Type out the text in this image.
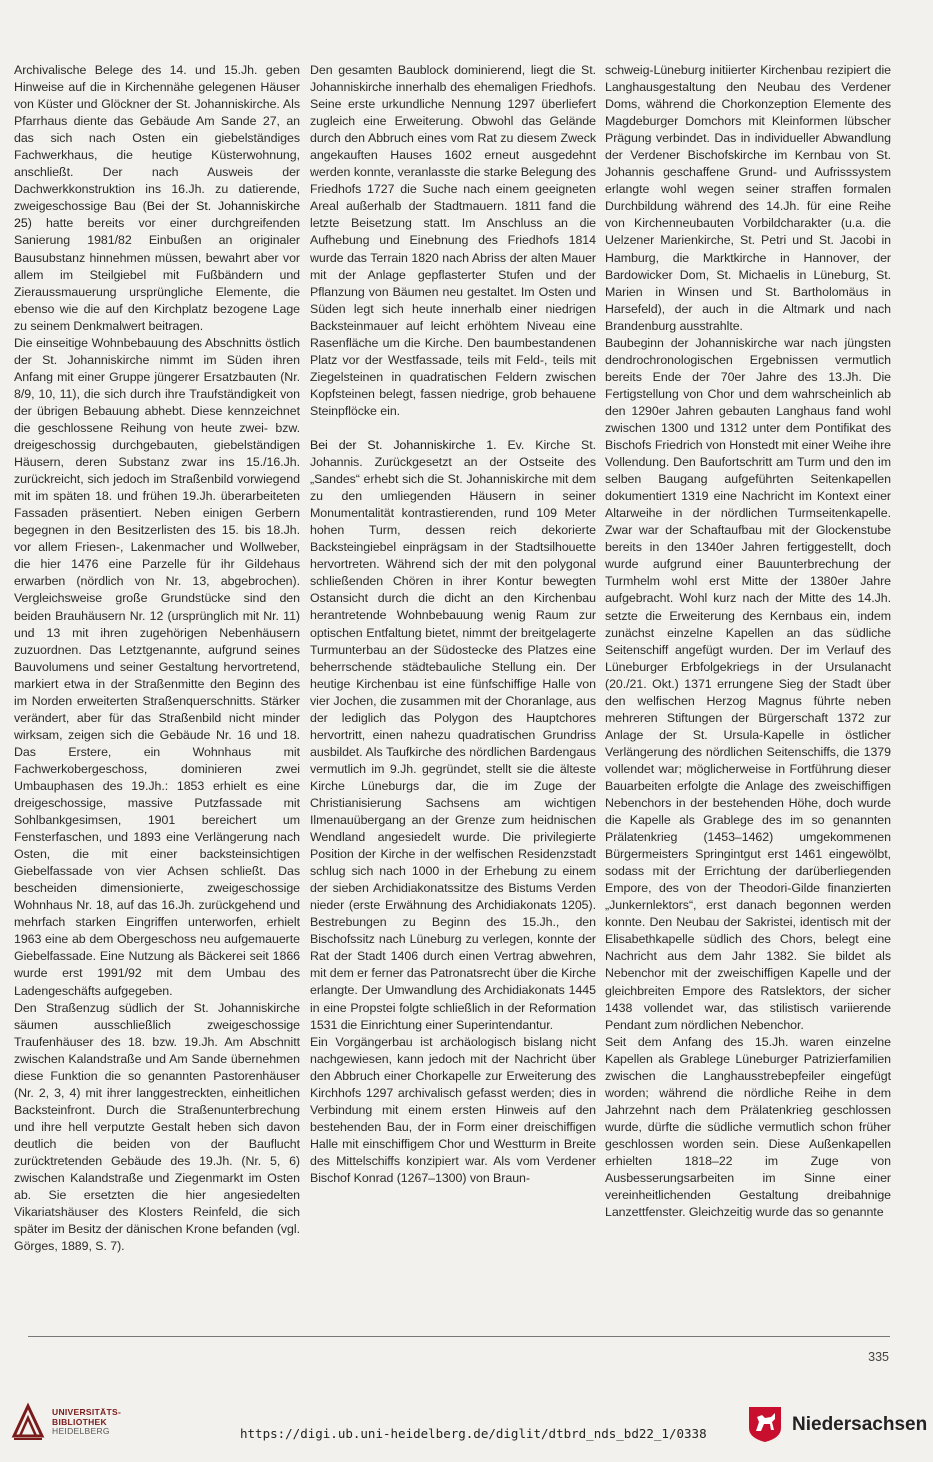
Archivalische Belege des 14. und 15.Jh. geben Hinweise auf die in Kirchennähe gelegenen Häuser von Küster und Glöckner der St. Johanniskirche. Als Pfarrhaus diente das Gebäude Am Sande 27, an das sich nach Osten ein giebelständiges Fachwerkhaus, die heutige Küsterwohnung, anschließt. Der nach Ausweis der Dachwerkkonstruktion ins 16.Jh. zu datierende, zweigeschossige Bau (Bei der St. Johanniskirche 25) hatte bereits vor einer durchgreifenden Sanierung 1981/82 Einbußen an originaler Bausubstanz hinnehmen müssen, bewahrt aber vor allem im Steilgiebel mit Fußbändern und Zieraussmauerung ursprüngliche Elemente, die ebenso wie die auf den Kirchplatz bezogene Lage zu seinem Denkmalwert beitragen.

Die einseitige Wohnbebauung des Abschnitts östlich der St. Johanniskirche nimmt im Süden ihren Anfang mit einer Gruppe jüngerer Ersatzbauten (Nr. 8/9, 10, 11), die sich durch ihre Traufständigkeit von der übrigen Bebauung abhebt. Diese kennzeichnet die geschlossene Reihung von heute zwei- bzw. dreigeschossig durchgebauten, giebelständigen Häusern, deren Substanz zwar ins 15./16.Jh. zurückreicht, sich jedoch im Straßenbild vorwiegend mit im späten 18. und frühen 19.Jh. überarbeiteten Fassaden präsentiert. Neben einigen Gerbern begegnen in den Besitzerlisten des 15. bis 18.Jh. vor allem Friesen-, Lakenmacher und Wollweber, die hier 1476 eine Parzelle für ihr Gildehaus erwarben (nördlich von Nr. 13, abgebrochen). Vergleichsweise große Grundstücke sind den beiden Brauhäusern Nr. 12 (ursprünglich mit Nr. 11) und 13 mit ihren zugehörigen Nebenhäusern zuzuordnen. Das Letztgenannte, aufgrund seines Bauvolumens und seiner Gestaltung hervortretend, markiert etwa in der Straßenmitte den Beginn des im Norden erweiterten Straßenquerschnitts. Stärker verändert, aber für das Straßenbild nicht minder wirksam, zeigen sich die Gebäude Nr. 16 und 18. Das Erstere, ein Wohnhaus mit Fachwerkobergeschoss, dominieren zwei Umbauphasen des 19.Jh.: 1853 erhielt es eine dreigeschossige, massive Putzfassade mit Sohlbankgesimsen, 1901 bereichert um Fensterfaschen, und 1893 eine Verlängerung nach Osten, die mit einer backsteinsichtigen Giebelfassade von vier Achsen schließt. Das bescheiden dimensionierte, zweigeschossige Wohnhaus Nr. 18, auf das 16.Jh. zurückgehend und mehrfach starken Eingriffen unterworfen, erhielt 1963 eine ab dem Obergeschoss neu aufgemauerte Giebelfassade. Eine Nutzung als Bäckerei seit 1866 wurde erst 1991/92 mit dem Umbau des Ladengeschäfts aufgegeben.

Den Straßenzug südlich der St. Johanniskirche säumen ausschließlich zweigeschossige Traufenhäuser des 18. bzw. 19.Jh. Am Abschnitt zwischen Kalandstraße und Am Sande übernehmen diese Funktion die so genannten Pastorenhäuser (Nr. 2, 3, 4) mit ihrer langgestreckten, einheitlichen Backsteinfront. Durch die Straßenunterbrechung und ihre hell verputzte Gestalt heben sich davon deutlich die beiden von der Bauflucht zurücktretenden Gebäude des 19.Jh. (Nr. 5, 6) zwischen Kalandstraße und Ziegenmarkt im Osten ab. Sie ersetzten die hier angesiedelten Vikariatshäuser des Klosters Reinfeld, die sich später im Besitz der dänischen Krone befanden (vgl. Görges, 1889, S. 7).

Den gesamten Baublock dominierend, liegt die St. Johanniskirche innerhalb des ehemaligen Friedhofs. Seine erste urkundliche Nennung 1297 überliefert zugleich eine Erweiterung. Obwohl das Gelände durch den Abbruch eines vom Rat zu diesem Zweck angekauften Hauses 1602 erneut ausgedehnt werden konnte, veranlasste die starke Belegung des Friedhofs 1727 die Suche nach einem geeigneten Areal außerhalb der Stadtmauern. 1811 fand die letzte Beisetzung statt. Im Anschluss an die Aufhebung und Einebnung des Friedhofs 1814 wurde das Terrain 1820 nach Abriss der alten Mauer mit der Anlage gepflasterter Stufen und der Pflanzung von Bäumen neu gestaltet. Im Osten und Süden legt sich heute innerhalb einer niedrigen Backsteinmauer auf leicht erhöhtem Niveau eine Rasenfläche um die Kirche. Den baumbestandenen Platz vor der Westfassade, teils mit Feld-, teils mit Ziegelsteinen in quadratischen Feldern zwischen Kopfsteinen belegt, fassen niedrige, grob behauene Steinpflöcke ein.

Bei der St. Johanniskirche 1. Ev. Kirche St. Johannis. Zurückgesetzt an der Ostseite des „Sandes“ erhebt sich die St. Johanniskirche mit dem zu den umliegenden Häusern in seiner Monumentalität kontrastierenden, rund 109 Meter hohen Turm, dessen reich dekorierte Backsteingiebel einprägsam in der Stadtsilhouette hervortreten. Während sich der mit den polygonal schließenden Chören in ihrer Kontur bewegten Ostansicht durch die dicht an den Kirchenbau herantretende Wohnbebauung wenig Raum zur optischen Entfaltung bietet, nimmt der breitgelagerte Turmunterbau an der Südostecke des Platzes eine beherrschende städtebauliche Stellung ein. Der heutige Kirchenbau ist eine fünfschiffige Halle von vier Jochen, die zusammen mit der Choranlage, aus der lediglich das Polygon des Hauptchores hervortritt, einen nahezu quadratischen Grundriss ausbildet. Als Taufkirche des nördlichen Bardengaus vermutlich im 9.Jh. gegründet, stellt sie die älteste Kirche Lüneburgs dar, die im Zuge der Christianisierung Sachsens am wichtigen Ilmenauübergang an der Grenze zum heidnischen Wendland angesiedelt wurde. Die privilegierte Position der Kirche in der welfischen Residenzstadt schlug sich nach 1000 in der Erhebung zu einem der sieben Archidiakonatssitze des Bistums Verden nieder (erste Erwähnung des Archidiakonats 1205). Bestrebungen zu Beginn des 15.Jh., den Bischofssitz nach Lüneburg zu verlegen, konnte der Rat der Stadt 1406 durch einen Vertrag abwehren, mit dem er ferner das Patronatsrecht über die Kirche erlangte. Der Umwandlung des Archidiakonats 1445 in eine Propstei folgte schließlich in der Reformation 1531 die Einrichtung einer Superintendantur.

Ein Vorgängerbau ist archäologisch bislang nicht nachgewiesen, kann jedoch mit der Nachricht über den Abbruch einer Chorkapelle zur Erweiterung des Kirchhofs 1297 archivalisch gefasst werden; dies in Verbindung mit einem ersten Hinweis auf den bestehenden Bau, der in Form einer dreischiffigen Halle mit einschiffigem Chor und Westturm in Breite des Mittelschiffs konzipiert war. Als vom Verdener Bischof Konrad (1267–1300) von Braun-

schweig-Lüneburg initiierter Kirchenbau rezipiert die Langhausgestaltung den Neubau des Verdener Doms, während die Chorkonzeption Elemente des Magdeburger Domchors mit Kleinformen lübscher Prägung verbindet. Das in individueller Abwandlung der Verdener Bischofskirche im Kernbau von St. Johannis geschaffene Grund- und Aufrisssystem erlangte wohl wegen seiner straffen formalen Durchbildung während des 14.Jh. für eine Reihe von Kirchenneubauten Vorbildcharakter (u.a. die Uelzener Marienkirche, St. Petri und St. Jacobi in Hamburg, die Marktkirche in Hannover, der Bardowicker Dom, St. Michaelis in Lüneburg, St. Marien in Winsen und St. Bartholomäus in Harsefeld), der auch in die Altmark und nach Brandenburg ausstrahlte.

Baubeginn der Johanniskirche war nach jüngsten dendrochronologischen Ergebnissen vermutlich bereits Ende der 70er Jahre des 13.Jh. Die Fertigstellung von Chor und dem wahrscheinlich ab den 1290er Jahren gebauten Langhaus fand wohl zwischen 1300 und 1312 unter dem Pontifikat des Bischofs Friedrich von Honstedt mit einer Weihe ihre Vollendung. Den Baufortschritt am Turm und den im selben Baugang aufgeführten Seitenkapellen dokumentiert 1319 eine Nachricht im Kontext einer Altarweihe in der nördlichen Turmseitenkapelle. Zwar war der Schaftaufbau mit der Glockenstube bereits in den 1340er Jahren fertiggestellt, doch wurde aufgrund einer Bauunterbrechung der Turmhelm wohl erst Mitte der 1380er Jahre aufgebracht. Wohl kurz nach der Mitte des 14.Jh. setzte die Erweiterung des Kernbaus ein, indem zunächst einzelne Kapellen an das südliche Seitenschiff angefügt wurden. Der im Verlauf des Lüneburger Erbfolgekriegs in der Ursulanacht (20./21. Okt.) 1371 errungene Sieg der Stadt über den welfischen Herzog Magnus führte neben mehreren Stiftungen der Bürgerschaft 1372 zur Anlage der St. Ursula-Kapelle in östlicher Verlängerung des nördlichen Seitenschiffs, die 1379 vollendet war; möglicherweise in Fortführung dieser Bauarbeiten erfolgte die Anlage des zweischiffigen Nebenchors in der bestehenden Höhe, doch wurde die Kapelle als Grablege des im so genannten Prälatenkrieg (1453–1462) umgekommenen Bürgermeisters Springintgut erst 1461 eingewölbt, sodass mit der Errichtung der darüberliegenden Empore, des von der Theodori-Gilde finanzierten „Junkernlektors“, erst danach begonnen werden konnte. Den Neubau der Sakristei, identisch mit der Elisabethkapelle südlich des Chors, belegt eine Nachricht aus dem Jahr 1382. Sie bildet als Nebenchor mit der zweischiffigen Kapelle und der gleichbreiten Empore des Ratslektors, der sicher 1438 vollendet war, das stilistisch variierende Pendant zum nördlichen Nebenchor.

Seit dem Anfang des 15.Jh. waren einzelne Kapellen als Grablege Lüneburger Patrizierfamilien zwischen die Langhausstrebepfeiler eingefügt worden; während die nördliche Reihe in dem Jahrzehnt nach dem Prälatenkrieg geschlossen wurde, dürfte die südliche vermutlich schon früher geschlossen worden sein. Diese Außenkapellen erhielten 1818–22 im Zuge von Ausbesserungsarbeiten im Sinne einer vereinheitlichenden Gestaltung dreibahnige Lanzettfenster. Gleichzeitig wurde das so genannte

335
UNIVERSITÄTS-
BIBLIOTHEK
HEIDELBERG	https://digi.ub.uni-heidelberg.de/diglit/dtbrd_nds_bd22_1/0338	Niedersachsen
